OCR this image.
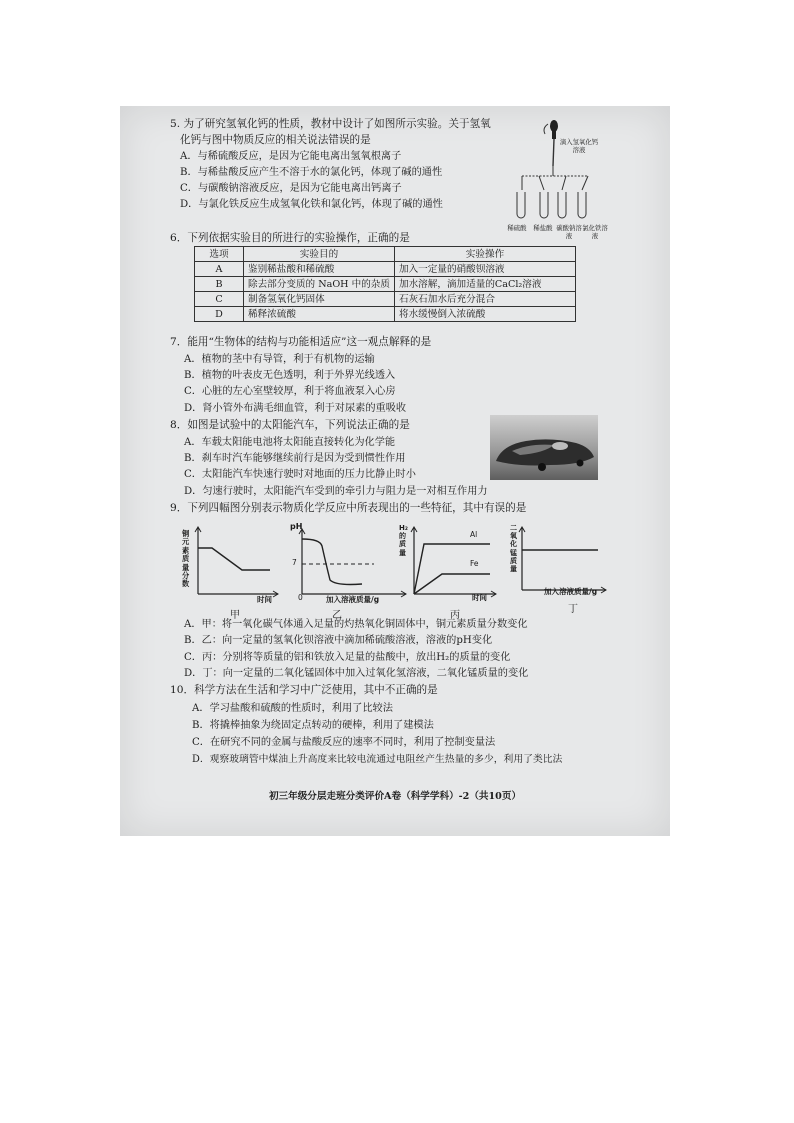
5. 为了研究氢氧化钙的性质，教材中设计了如图所示实验。关于氢氧
化钙与图中物质反应的相关说法错误的是
A．与稀硫酸反应，是因为它能电离出氢氧根离子
B．与稀盐酸反应产生不溶于水的氯化钙，体现了碱的通性
C．与碳酸钠溶液反应，是因为它能电离出钙离子
D．与氯化铁反应生成氢氧化铁和氯化钙，体现了碱的通性
滴入氢氧化钙溶液
稀硫酸	稀盐酸 碳酸钠溶液
氯化铁溶液
6．下列依据实验目的所进行的实验操作，正确的是
选项	实验目的	实验操作
A	鉴别稀盐酸和稀硫酸	加入一定量的硝酸钡溶液
B	除去部分变质的 NaOH 中的杂质	加水溶解，滴加适量的CaCl₂溶液
C	制备氢氧化钙固体	石灰石加水后充分混合
D	稀释浓硫酸	将水缓慢倒入浓硫酸
7．能用“生物体的结构与功能相适应”这一观点解释的是
A．植物的茎中有导管，利于有机物的运输
B．植物的叶表皮无色透明，利于外界光线透入
C．心脏的左心室壁较厚，利于将血液泵入心房
D．肾小管外布满毛细血管，利于对尿素的重吸收
8．如图是试验中的太阳能汽车，下列说法正确的是
A．车载太阳能电池将太阳能直接转化为化学能
B．刹车时汽车能够继续前行是因为受到惯性作用
C．太阳能汽车快速行驶时对地面的压力比静止时小
D．匀速行驶时，太阳能汽车受到的牵引力与阻力是一对相互作用力
9．下列四幅图分别表示物质化学反应中所表现出的一些特征，其中有误的是
铜元素质量分数
时间
甲
pH
7
0	加入溶液质量/g
乙
H₂的质量
Al
Fe
时间
丙
二氧化锰质量
加入溶液质量/g
丁
A．甲：将一氧化碳气体通入足量的灼热氧化铜固体中，铜元素质量分数变化
B．乙：向一定量的氢氧化钡溶液中滴加稀硫酸溶液，溶液的pH变化
C．丙：分别将等质量的铝和铁放入足量的盐酸中，放出H₂的质量的变化
D．丁：向一定量的二氧化锰固体中加入过氧化氢溶液，二氧化锰质量的变化
10．科学方法在生活和学习中广泛使用，其中不正确的是
A．学习盐酸和硫酸的性质时，利用了比较法
B．将撬棒抽象为绕固定点转动的硬棒，利用了建模法
C．在研究不同的金属与盐酸反应的速率不同时，利用了控制变量法
D．观察玻璃管中煤油上升高度来比较电流通过电阻丝产生热量的多少，利用了类比法
初三年级分层走班分类评价A卷（科学学科）-2（共10页）
